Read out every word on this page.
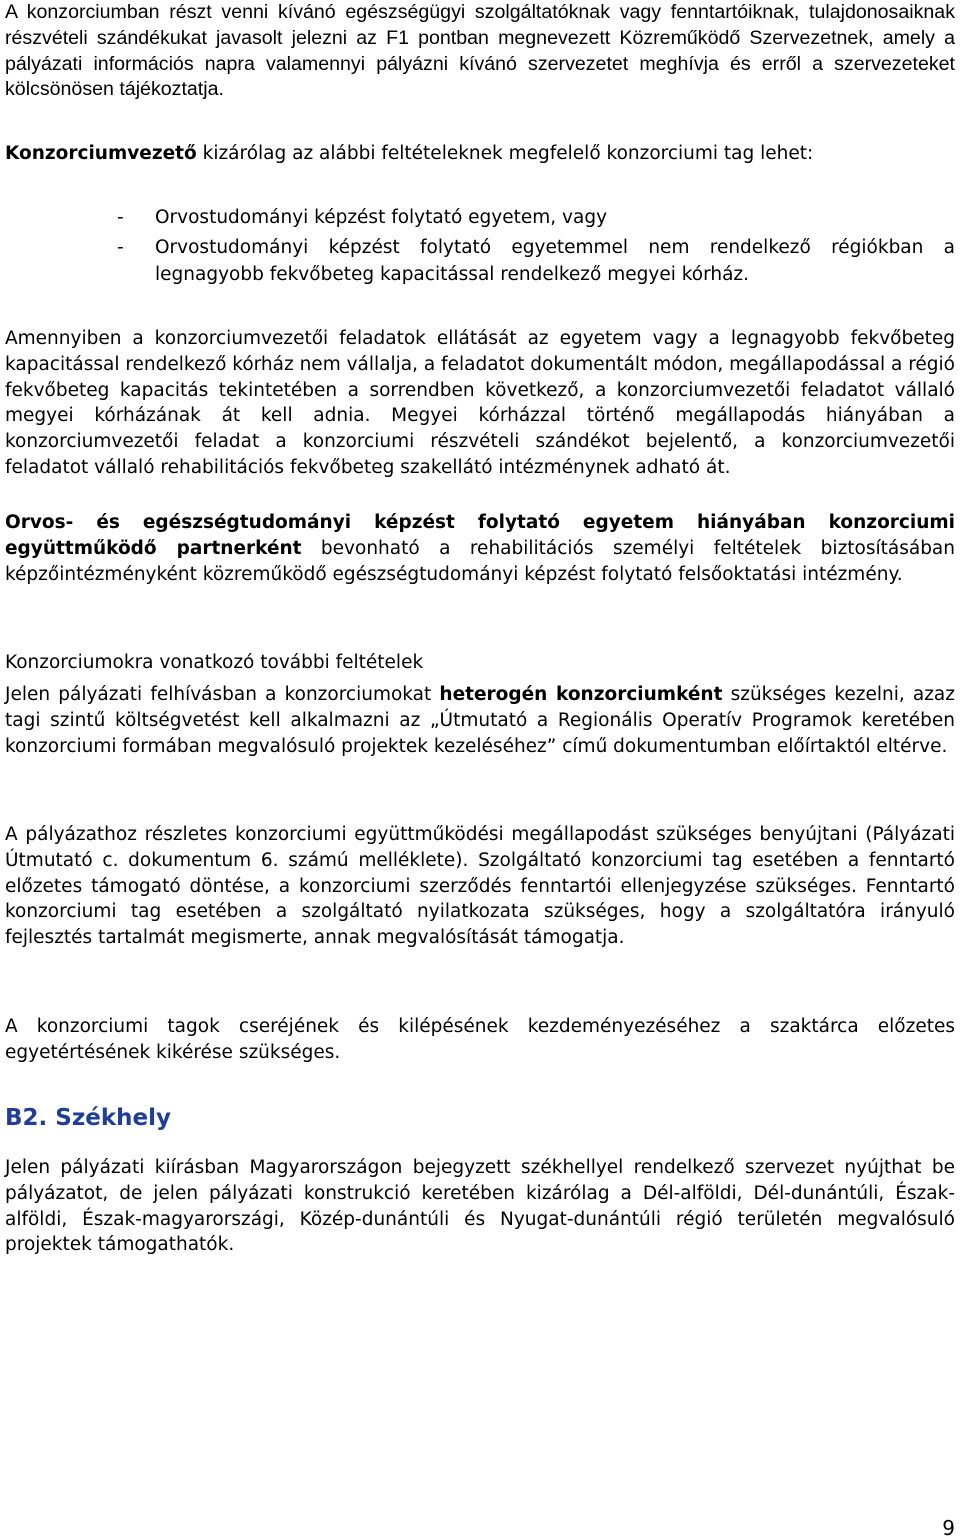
A konzorciumban részt venni kívánó egészségügyi szolgáltatóknak vagy fenntartóiknak, tulajdonosaiknak részvételi szándékukat javasolt jelezni az F1 pontban megnevezett Közreműködő Szervezetnek, amely a pályázati információs napra valamennyi pályázni kívánó szervezetet meghívja és erről a szervezeteket kölcsönösen tájékoztatja.

Konzorciumvezető kizárólag az alábbi feltételeknek megfelelő konzorciumi tag lehet:

- Orvostudományi képzést folytató egyetem, vagy
- Orvostudományi képzést folytató egyetemmel nem rendelkező régiókban a legnagyobb fekvőbeteg kapacitással rendelkező megyei kórház.

Amennyiben a konzorciumvezetői feladatok ellátását az egyetem vagy a legnagyobb fekvőbeteg kapacitással rendelkező kórház nem vállalja, a feladatot dokumentált módon, megállapodással a régió fekvőbeteg kapacitás tekintetében a sorrendben következő, a konzorciumvezetői feladatot vállaló megyei kórházának át kell adnia. Megyei kórházzal történő megállapodás hiányában a konzorciumvezetői feladat a konzorciumi részvételi szándékot bejelentő, a konzorciumvezetői feladatot vállaló rehabilitációs fekvőbeteg szakellátó intézménynek adható át.

Orvos- és egészségtudományi képzést folytató egyetem hiányában konzorciumi együttműködő partnerként bevonható a rehabilitációs személyi feltételek biztosításában képzőintézményként közreműködő egészségtudományi képzést folytató felsőoktatási intézmény.

Konzorciumokra vonatkozó további feltételek

Jelen pályázati felhívásban a konzorciumokat heterogén konzorciumként szükséges kezelni, azaz tagi szintű költségvetést kell alkalmazni az „Útmutató a Regionális Operatív Programok keretében konzorciumi formában megvalósuló projektek kezeléséhez” című dokumentumban előírtaktól eltérve.

A pályázathoz részletes konzorciumi együttműködési megállapodást szükséges benyújtani (Pályázati Útmutató c. dokumentum 6. számú melléklete). Szolgáltató konzorciumi tag esetében a fenntartó előzetes támogató döntése, a konzorciumi szerződés fenntartói ellenjegyzése szükséges. Fenntartó konzorciumi tag esetében a szolgáltató nyilatkozata szükséges, hogy a szolgáltatóra irányuló fejlesztés tartalmát megismerte, annak megvalósítását támogatja.

A konzorciumi tagok cseréjének és kilépésének kezdeményezéséhez a szaktárca előzetes egyetértésének kikérése szükséges.

B2. Székhely

Jelen pályázati kiírásban Magyarországon bejegyzett székhellyel rendelkező szervezet nyújthat be pályázatot, de jelen pályázati konstrukció keretében kizárólag a Dél-alföldi, Dél-dunántúli, Észak-alföldi, Észak-magyarországi, Közép-dunántúli és Nyugat-dunántúli régió területén megvalósuló projektek támogathatók.

9
